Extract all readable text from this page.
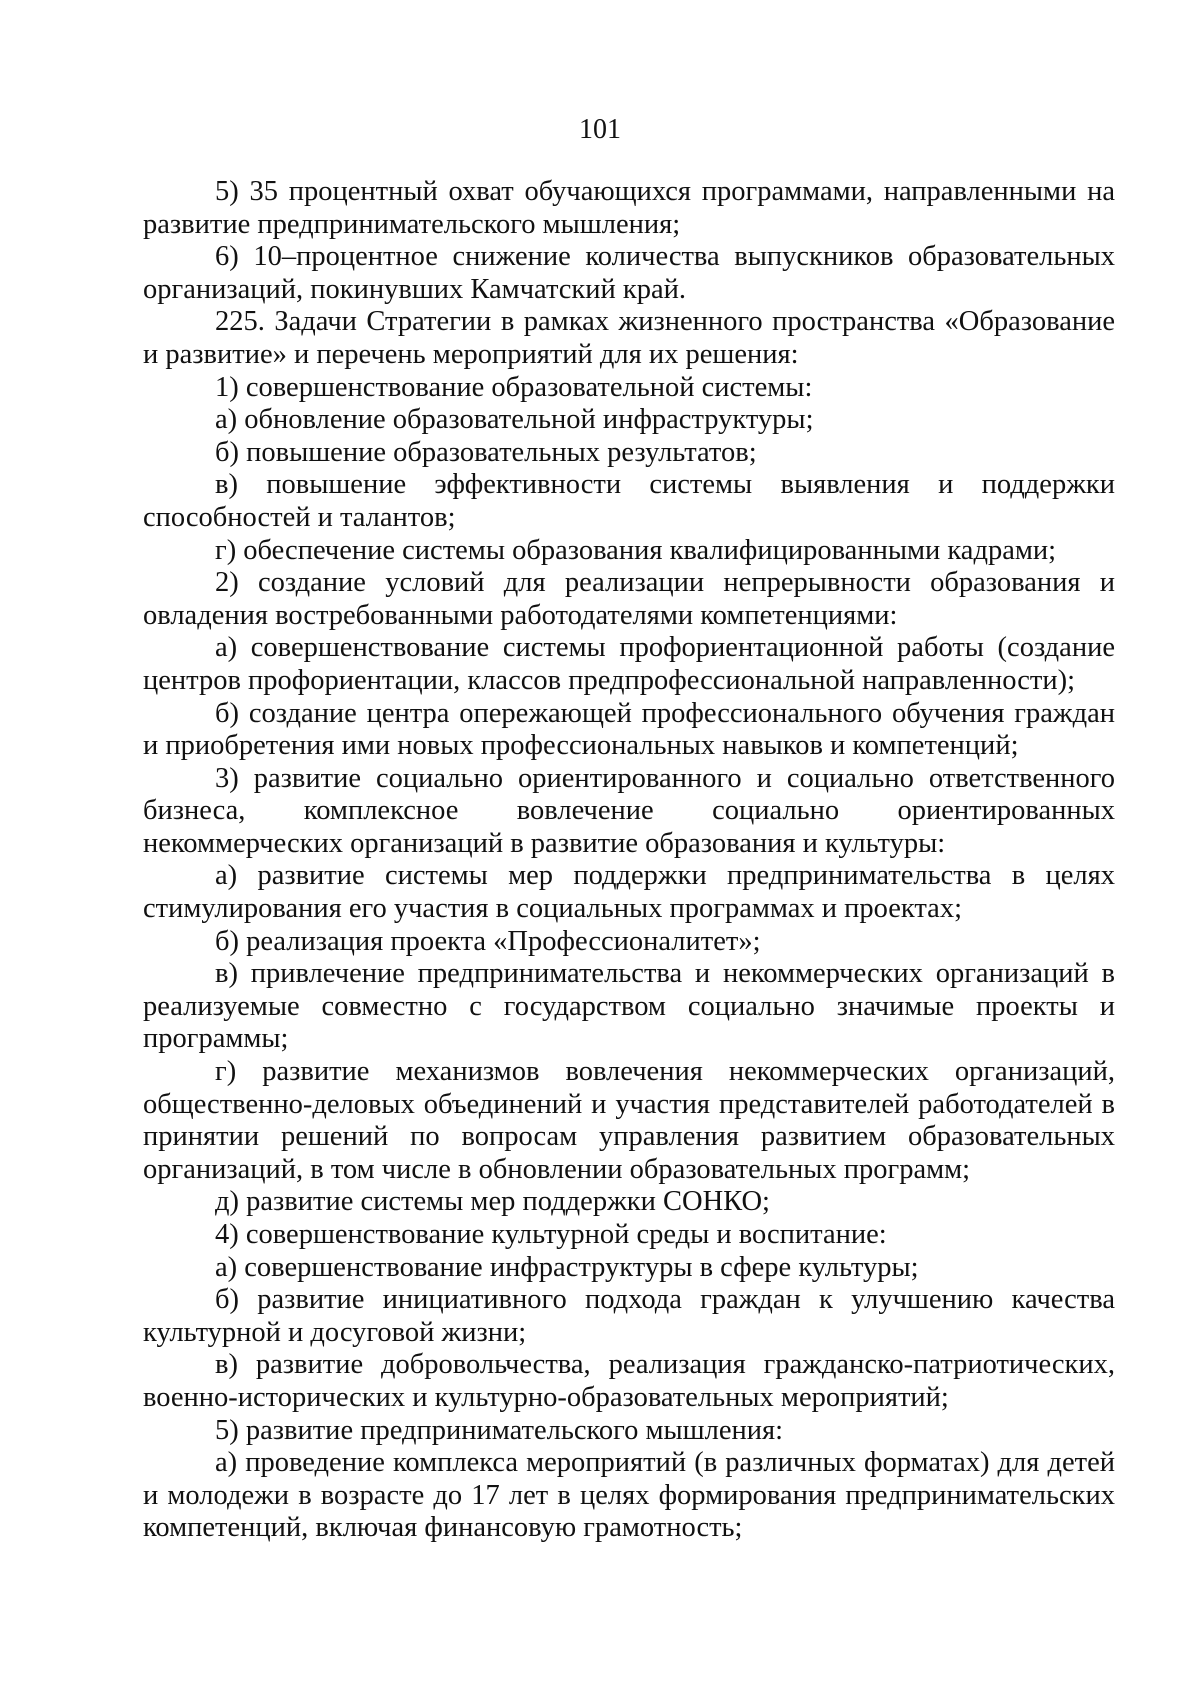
101

5) 35 процентный охват обучающихся программами, направленными на развитие предпринимательского мышления;

6) 10–процентное снижение количества выпускников образовательных организаций, покинувших Камчатский край.

225. Задачи Стратегии в рамках жизненного пространства «Образование и развитие» и перечень мероприятий для их решения:

1) совершенствование образовательной системы:

а) обновление образовательной инфраструктуры;

б) повышение образовательных результатов;

в) повышение эффективности системы выявления и поддержки способностей и талантов;

г) обеспечение системы образования квалифицированными кадрами;

2) создание условий для реализации непрерывности образования и овладения востребованными работодателями компетенциями:

а) совершенствование системы профориентационной работы (создание центров профориентации, классов предпрофессиональной направленности);

б) создание центра опережающей профессионального обучения граждан и приобретения ими новых профессиональных навыков и компетенций;

3) развитие социально ориентированного и социально ответственного бизнеса, комплексное вовлечение социально ориентированных некоммерческих организаций в развитие образования и культуры:

а) развитие системы мер поддержки предпринимательства в целях стимулирования его участия в социальных программах и проектах;

б) реализация проекта «Профессионалитет»;

в) привлечение предпринимательства и некоммерческих организаций в реализуемые совместно с государством социально значимые проекты и программы;

г) развитие механизмов вовлечения некоммерческих организаций, общественно-деловых объединений и участия представителей работодателей в принятии решений по вопросам управления развитием образовательных организаций, в том числе в обновлении образовательных программ;

д) развитие системы мер поддержки СОНКО;

4) совершенствование культурной среды и воспитание:

а) совершенствование инфраструктуры в сфере культуры;

б) развитие инициативного подхода граждан к улучшению качества культурной и досуговой жизни;

в) развитие добровольчества, реализация гражданско-патриотических, военно-исторических и культурно-образовательных мероприятий;

5) развитие предпринимательского мышления:

а) проведение комплекса мероприятий (в различных форматах) для детей и молодежи в возрасте до 17 лет в целях формирования предпринимательских компетенций, включая финансовую грамотность;
